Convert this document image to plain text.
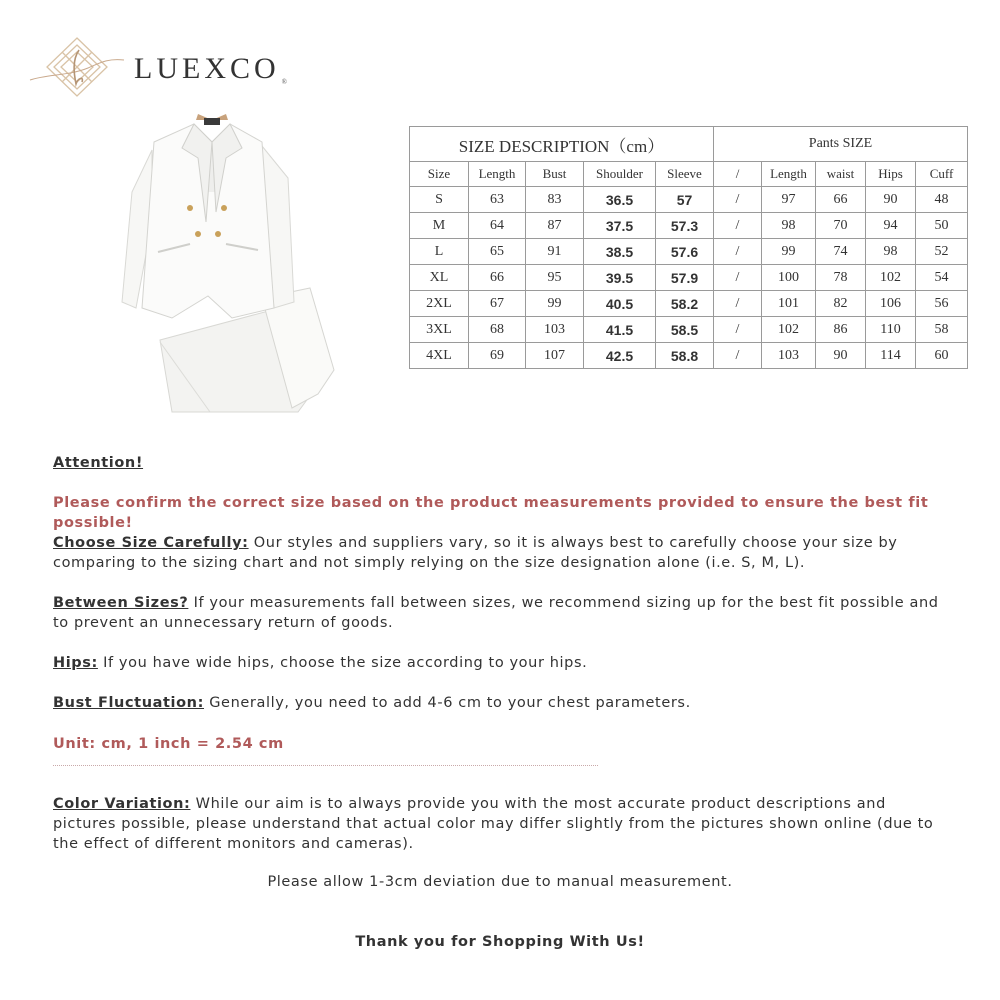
LUEXCO ®
SIZE DESCRIPTION（cm）					Pants SIZE				
Size	Length	Bust	Shoulder	Sleeve	/	Length	waist	Hips	Cuff
S	63	83	36.5	57	/	97	66	90	48
M	64	87	37.5	57.3	/	98	70	94	50
L	65	91	38.5	57.6	/	99	74	98	52
XL	66	95	39.5	57.9	/	100	78	102	54
2XL	67	99	40.5	58.2	/	101	82	106	56
3XL	68	103	41.5	58.5	/	102	86	110	58
4XL	69	107	42.5	58.8	/	103	90	114	60
Attention!
Please confirm the correct size based on the product measurements provided to ensure the best fit possible!
Choose Size Carefully: Our styles and suppliers vary, so it is always best to carefully choose your size by comparing to the sizing chart and not simply relying on the size designation alone (i.e. S, M, L).
Between Sizes? If your measurements fall between sizes, we recommend sizing up for the best fit possible and to prevent an unnecessary return of goods.
Hips: If you have wide hips, choose the size according to your hips.
Bust Fluctuation: Generally, you need to add 4-6 cm to your chest parameters.
Unit: cm, 1 inch = 2.54 cm
Color Variation: While our aim is to always provide you with the most accurate product descriptions and pictures possible, please understand that actual color may differ slightly from the pictures shown online (due to the effect of different monitors and cameras).
Please allow 1-3cm deviation due to manual measurement.
Thank you for Shopping With Us!
